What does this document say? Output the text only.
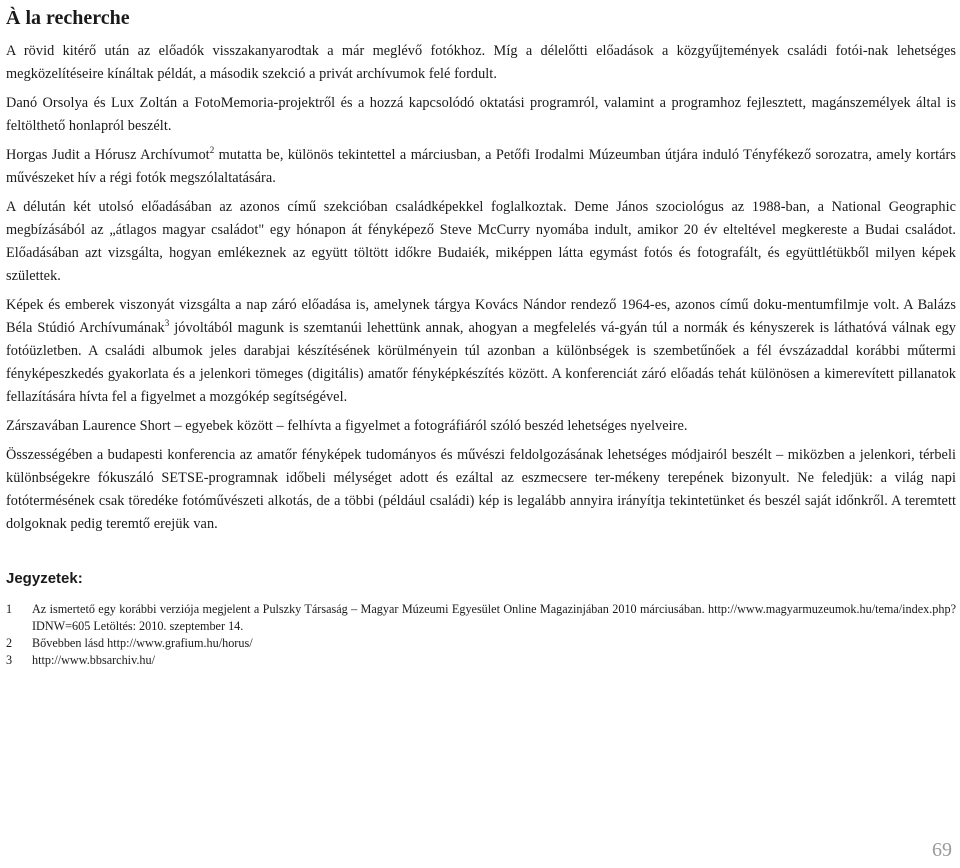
À la recherche

A rövid kitérő után az előadók visszakanyarodtak a már meglévő fotókhoz. Míg a délelőtti előadások a közgyűjtemények családi fotói-nak lehetséges megközelítéseire kínáltak példát, a második szekció a privát archívumok felé fordult.

Danó Orsolya és Lux Zoltán a FotoMemoria-projektről és a hozzá kapcsolódó oktatási programról, valamint a programhoz fejlesztett, magánszemélyek által is feltölthető honlapról beszélt.

Horgas Judit a Hórusz Archívumot$^2$ mutatta be, különös tekintettel a márciusban, a Petőfi Irodalmi Múzeumban útjára induló Tényfékező sorozatra, amely kortárs művészeket hív a régi fotók megszólaltatására.

A délután két utolsó előadásában az azonos című szekcióban családképekkel foglalkoztak. Deme János szociológus az 1988-ban, a National Geographic megbízásából az „átlagos magyar családot" egy hónapon át fényképező Steve McCurry nyomába indult, amikor 20 év elteltével megkereste a Budai családot. Előadásában azt vizsgálta, hogyan emlékeznek az együtt töltött időkre Budaiék, miképpen látta egymást fotós és fotografált, és együttlétükből milyen képek születtek.

Képek és emberek viszonyát vizsgálta a nap záró előadása is, amelynek tárgya Kovács Nándor rendező 1964-es, azonos című doku-mentumfilmje volt. A Balázs Béla Stúdió Archívumának$^3$ jóvoltából magunk is szemtanúi lehettünk annak, ahogyan a megfelelés vá-gyán túl a normák és kényszerek is láthatóvá válnak egy fotóüzletben. A családi albumok jeles darabjai készítésének körülményein túl azonban a különbségek is szembetűnőek a fél évszázaddal korábbi műtermi fényképeszkedés gyakorlata és a jelenkori tömeges (digitális) amatőr fényképkészítés között. A konferenciát záró előadás tehát különösen a kimerevített pillanatok fellazítására hívta fel a figyelmet a mozgókép segítségével.

Zárszavában Laurence Short – egyebek között – felhívta a figyelmet a fotográfiáról szóló beszéd lehetséges nyelveire.

Összességében a budapesti konferencia az amatőr fényképek tudományos és művészi feldolgozásának lehetséges módjairól beszélt – miközben a jelenkori, térbeli különbségekre fókuszáló SETSE-programnak időbeli mélységet adott és ezáltal az eszmecsere ter-mékeny terepének bizonyult. Ne feledjük: a világ napi fotótermésének csak töredéke fotóművészeti alkotás, de a többi (például családi) kép is legalább annyira irányítja tekintetünket és beszél saját időnkről. A teremtett dolgoknak pedig teremtő erejük van.

Jegyzetek:
1 Az ismertető egy korábbi verziója megjelent a Pulszky Társaság – Magyar Múzeumi Egyesület Online Magazinjában 2010 márciusában. http://www.magyarmuzeumok.hu/tema/index.php?IDNW=605 Letöltés: 2010. szeptember 14.
2 Bővebben lásd http://www.grafium.hu/horus/
3 http://www.bbsarchiv.hu/
69
